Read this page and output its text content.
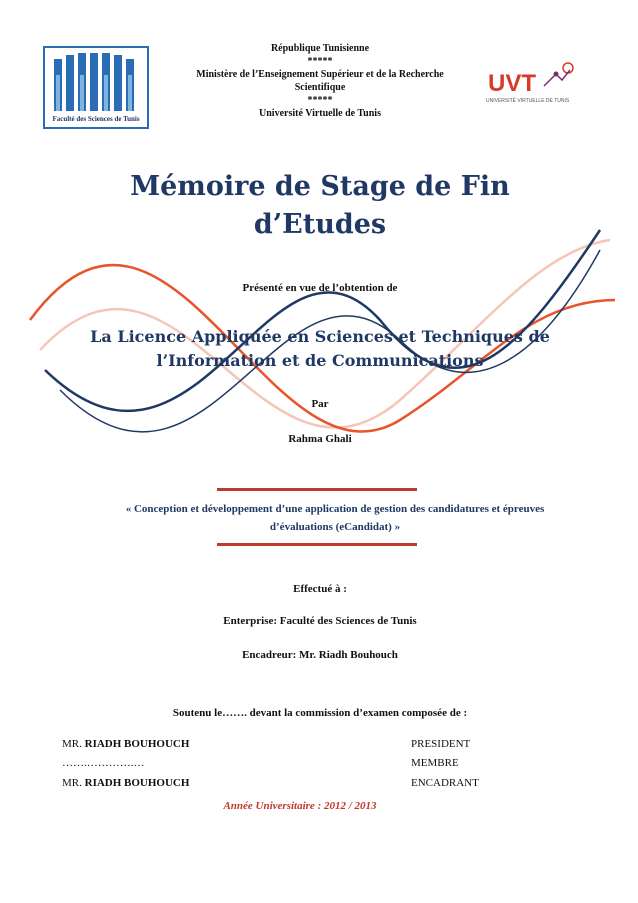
République Tunisienne
*****
Ministère de l’Enseignement Supérieur et de la Recherche
Scientifique
*****
Université Virtuelle de Tunis
Faculté des Sciences de Tunis
UVT
UNIVERSITÉ VIRTUELLE DE TUNIS
Mémoire de Stage de Fin
d’Etudes
Présenté en vue de l’obtention de
La Licence Appliquée en Sciences et Techniques de
l’Information et de Communications
Par
Rahma Ghali
« Conception et développement d’une application de gestion des candidatures et épreuves
d’évaluations (eCandidat) »
Effectué à :
Enterprise: Faculté des Sciences de Tunis
Encadreur: Mr. Riadh Bouhouch
Soutenu le……. devant la commission d’examen composée de :
MR. RIADH BOUHOUCH	PRESIDENT
…….………….…	MEMBRE
MR. RIADH BOUHOUCH	ENCADRANT
Année Universitaire : 2012 / 2013
